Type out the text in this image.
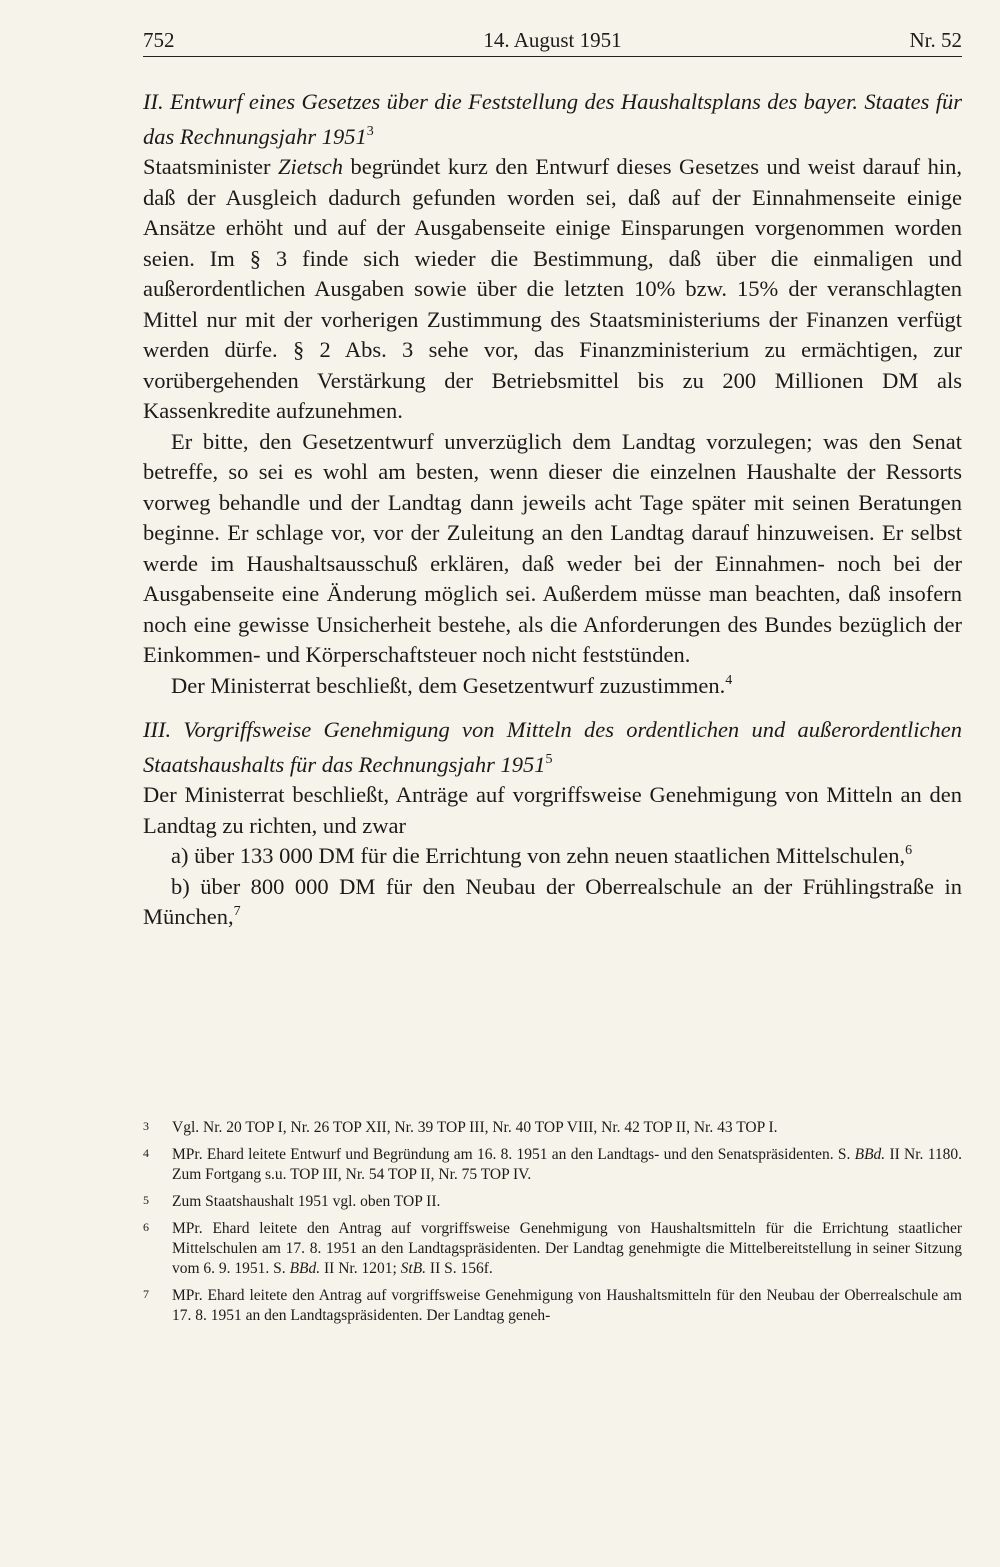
752	14. August 1951	Nr. 52
II. Entwurf eines Gesetzes über die Feststellung des Haushaltsplans des bayer. Staates für das Rechnungsjahr 1951$^3$

Staatsminister Zietsch begründet kurz den Entwurf dieses Gesetzes und weist darauf hin, daß der Ausgleich dadurch gefunden worden sei, daß auf der Einnahmenseite einige Ansätze erhöht und auf der Ausgabenseite einige Einsparungen vorgenommen worden seien. Im § 3 finde sich wieder die Bestimmung, daß über die einmaligen und außerordentlichen Ausgaben sowie über die letzten 10% bzw. 15% der veranschlagten Mittel nur mit der vorherigen Zustimmung des Staatsministeriums der Finanzen verfügt werden dürfe. § 2 Abs. 3 sehe vor, das Finanzministerium zu ermächtigen, zur vorübergehenden Verstärkung der Betriebsmittel bis zu 200 Millionen DM als Kassenkredite aufzunehmen.

Er bitte, den Gesetzentwurf unverzüglich dem Landtag vorzulegen; was den Senat betreffe, so sei es wohl am besten, wenn dieser die einzelnen Haushalte der Ressorts vorweg behandle und der Landtag dann jeweils acht Tage später mit seinen Beratungen beginne. Er schlage vor, vor der Zuleitung an den Landtag darauf hinzuweisen. Er selbst werde im Haushaltsausschuß erklären, daß weder bei der Einnahmen- noch bei der Ausgabenseite eine Änderung möglich sei. Außerdem müsse man beachten, daß insofern noch eine gewisse Unsicherheit bestehe, als die Anforderungen des Bundes bezüglich der Einkommen- und Körperschaftsteuer noch nicht feststünden.

Der Ministerrat beschließt, dem Gesetzentwurf zuzustimmen.$^4$

III. Vorgriffsweise Genehmigung von Mitteln des ordentlichen und außerordentlichen Staatshaushalts für das Rechnungsjahr 1951$^5$

Der Ministerrat beschließt, Anträge auf vorgriffsweise Genehmigung von Mitteln an den Landtag zu richten, und zwar

a) über 133 000 DM für die Errichtung von zehn neuen staatlichen Mittelschulen,$^6$

b) über 800 000 DM für den Neubau der Oberrealschule an der Frühlingstraße in München,$^7$

3 Vgl. Nr. 20 TOP I, Nr. 26 TOP XII, Nr. 39 TOP III, Nr. 40 TOP VIII, Nr. 42 TOP II, Nr. 43 TOP I.
4 MPr. Ehard leitete Entwurf und Begründung am 16. 8. 1951 an den Landtags- und den Senatspräsidenten. S. BBd. II Nr. 1180. Zum Fortgang s.u. TOP III, Nr. 54 TOP II, Nr. 75 TOP IV.
5 Zum Staatshaushalt 1951 vgl. oben TOP II.
6 MPr. Ehard leitete den Antrag auf vorgriffsweise Genehmigung von Haushaltsmitteln für die Errichtung staatlicher Mittelschulen am 17. 8. 1951 an den Landtagspräsidenten. Der Landtag genehmigte die Mittelbereitstellung in seiner Sitzung vom 6. 9. 1951. S. BBd. II Nr. 1201; StB. II S. 156f.
7 MPr. Ehard leitete den Antrag auf vorgriffsweise Genehmigung von Haushaltsmitteln für den Neubau der Oberrealschule am 17. 8. 1951 an den Landtagspräsidenten. Der Landtag geneh-
